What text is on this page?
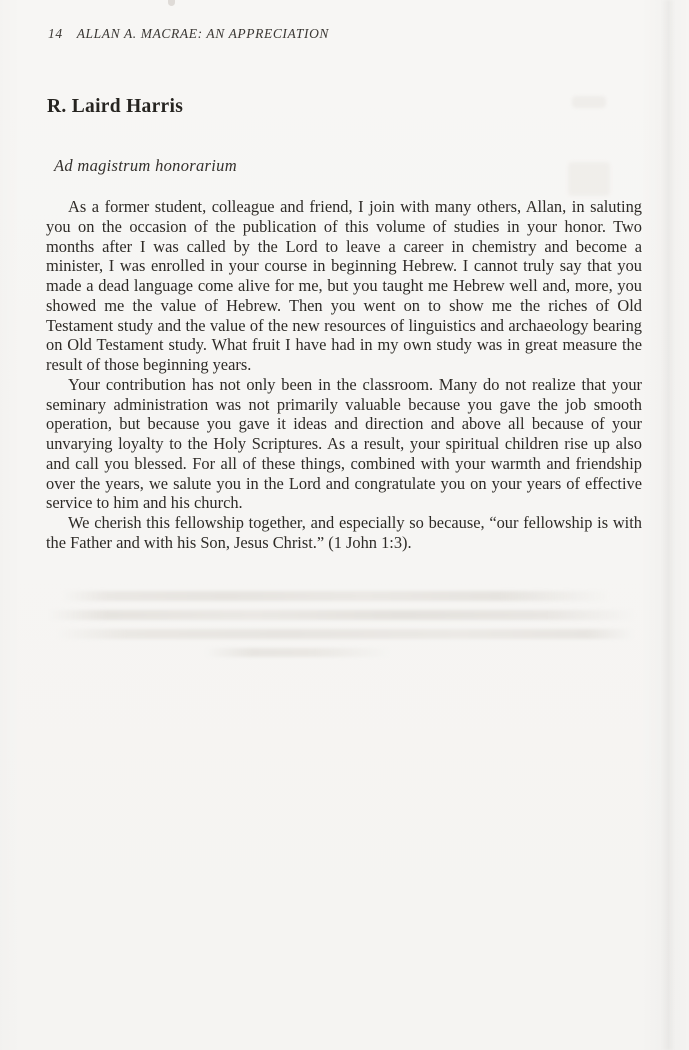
14 ALLAN A. MACRAE: AN APPRECIATION
R. Laird Harris
Ad magistrum honorarium

As a former student, colleague and friend, I join with many others, Allan, in saluting you on the occasion of the publication of this volume of studies in your honor. Two months after I was called by the Lord to leave a career in chemistry and become a minister, I was enrolled in your course in beginning Hebrew. I cannot truly say that you made a dead language come alive for me, but you taught me Hebrew well and, more, you showed me the value of Hebrew. Then you went on to show me the riches of Old Testament study and the value of the new resources of linguistics and archaeology bearing on Old Testament study. What fruit I have had in my own study was in great measure the result of those beginning years.

Your contribution has not only been in the classroom. Many do not realize that your seminary administration was not primarily valuable because you gave the job smooth operation, but because you gave it ideas and direction and above all because of your unvarying loyalty to the Holy Scriptures. As a result, your spiritual children rise up also and call you blessed. For all of these things, combined with your warmth and friendship over the years, we salute you in the Lord and congratulate you on your years of effective service to him and his church.

We cherish this fellowship together, and especially so because, “our fellowship is with the Father and with his Son, Jesus Christ.” (1 John 1:3).
